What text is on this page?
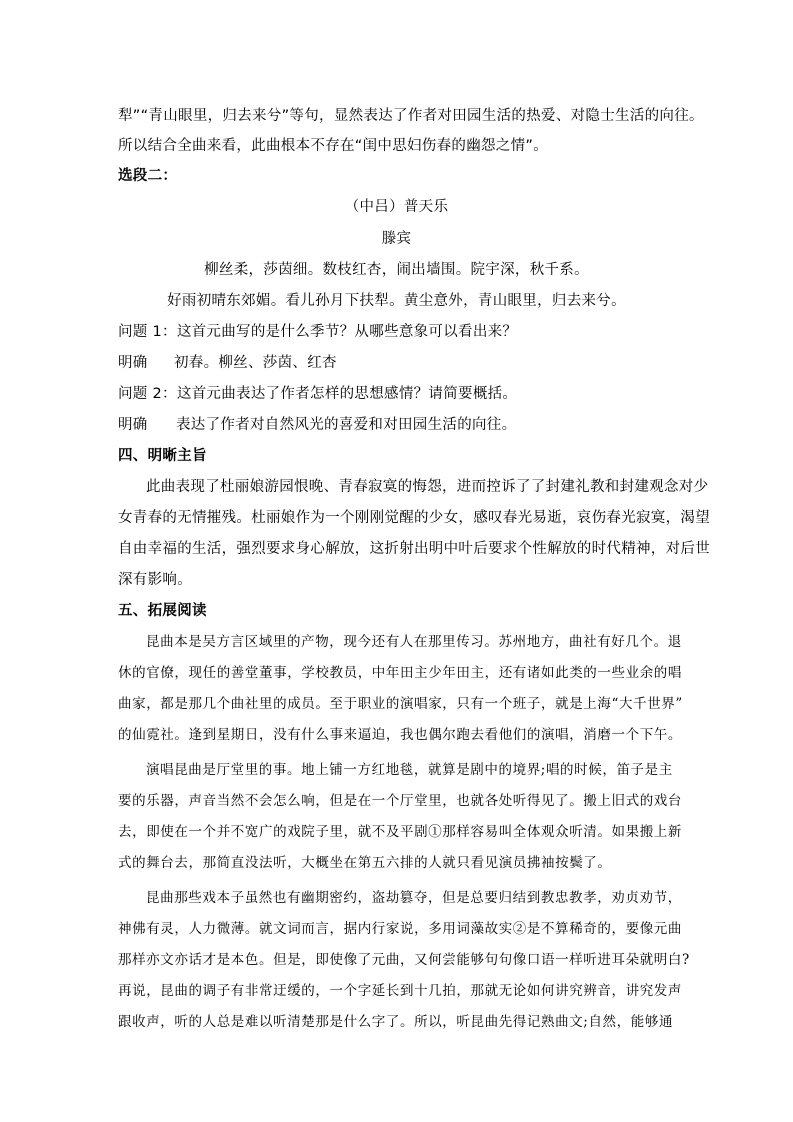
犁”“青山眼里，归去来兮”等句，显然表达了作者对田园生活的热爱、对隐士生活的向往。
所以结合全曲来看，此曲根本不存在“闺中思妇伤春的幽怨之情”。
选段二：
（中吕）普天乐
滕宾
柳丝柔，莎茵细。数枝红杏，闹出墙围。院宇深，秋千系。
好雨初晴东郊媚。看儿孙月下扶犁。黄尘意外，青山眼里，归去来兮。
问题 1：这首元曲写的是什么季节？从哪些意象可以看出来？
明确 初春。柳丝、莎茵、红杏
问题 2：这首元曲表达了作者怎样的思想感情？请简要概括。
明确 表达了作者对自然风光的喜爱和对田园生活的向往。
四、明晰主旨
此曲表现了杜丽娘游园恨晚、青春寂寞的悔怨，进而控诉了了封建礼教和封建观念对少
女青春的无情摧残。杜丽娘作为一个刚刚觉醒的少女，感叹春光易逝，哀伤春光寂寞，渴望
自由幸福的生活，强烈要求身心解放，这折射出明中叶后要求个性解放的时代精神，对后世
深有影响。
五、拓展阅读
昆曲本是吴方言区域里的产物，现今还有人在那里传习。苏州地方，曲社有好几个。退
休的官僚，现任的善堂董事，学校教员，中年田主少年田主，还有诸如此类的一些业余的唱
曲家，都是那几个曲社里的成员。至于职业的演唱家，只有一个班子，就是上海“大千世界”
的仙霓社。逢到星期日，没有什么事来逼迫，我也偶尔跑去看他们的演唱，消磨一个下午。
演唱昆曲是厅堂里的事。地上铺一方红地毯，就算是剧中的境界;唱的时候，笛子是主
要的乐器，声音当然不会怎么响，但是在一个厅堂里，也就各处听得见了。搬上旧式的戏台
去，即使在一个并不宽广的戏院子里，就不及平剧①那样容易叫全体观众听清。如果搬上新
式的舞台去，那简直没法听，大概坐在第五六排的人就只看见演员拂袖按鬓了。
昆曲那些戏本子虽然也有幽期密约，盗劫篡夺，但是总要归结到教忠教孝，劝贞劝节，
神佛有灵，人力微薄。就文词而言，据内行家说，多用词藻故实②是不算稀奇的，要像元曲
那样亦文亦话才是本色。但是，即使像了元曲，又何尝能够句句像口语一样听进耳朵就明白?
再说，昆曲的调子有非常迂缓的，一个字延长到十几拍，那就无论如何讲究辨音，讲究发声
跟收声，听的人总是难以听清楚那是什么字了。所以，听昆曲先得记熟曲文;自然，能够通
